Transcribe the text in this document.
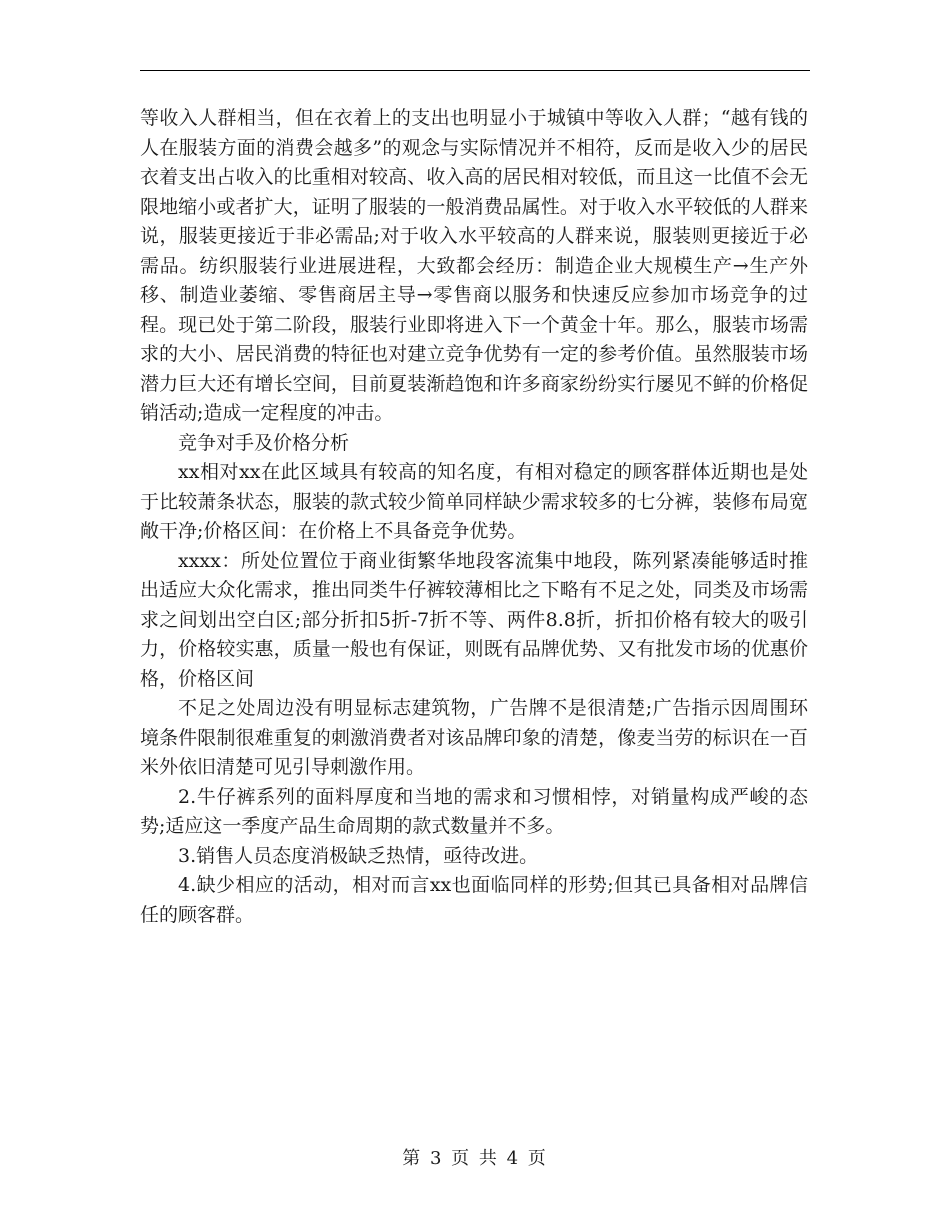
等收入人群相当，但在衣着上的支出也明显小于城镇中等收入人群；“越有钱的人在服装方面的消费会越多”的观念与实际情况并不相符，反而是收入少的居民衣着支出占收入的比重相对较高、收入高的居民相对较低，而且这一比值不会无限地缩小或者扩大，证明了服装的一般消费品属性。对于收入水平较低的人群来说，服装更接近于非必需品;对于收入水平较高的人群来说，服装则更接近于必需品。纺织服装行业进展进程，大致都会经历：制造企业大规模生产→生产外移、制造业萎缩、零售商居主导→零售商以服务和快速反应参加市场竞争的过程。现已处于第二阶段，服装行业即将进入下一个黄金十年。那么，服装市场需求的大小、居民消费的特征也对建立竞争优势有一定的参考价值。虽然服装市场潜力巨大还有增长空间，目前夏装渐趋饱和许多商家纷纷实行屡见不鲜的价格促销活动;造成一定程度的冲击。

竞争对手及价格分析

xx相对xx在此区域具有较高的知名度，有相对稳定的顾客群体近期也是处于比较萧条状态，服装的款式较少简单同样缺少需求较多的七分裤，装修布局宽敞干净;价格区间：在价格上不具备竞争优势。

xxxx：所处位置位于商业街繁华地段客流集中地段，陈列紧凑能够适时推出适应大众化需求，推出同类牛仔裤较薄相比之下略有不足之处，同类及市场需求之间划出空白区;部分折扣5折-7折不等、两件8.8折，折扣价格有较大的吸引力，价格较实惠，质量一般也有保证，则既有品牌优势、又有批发市场的优惠价格，价格区间

不足之处周边没有明显标志建筑物，广告牌不是很清楚;广告指示因周围环境条件限制很难重复的刺激消费者对该品牌印象的清楚，像麦当劳的标识在一百米外依旧清楚可见引导刺激作用。

2.牛仔裤系列的面料厚度和当地的需求和习惯相悖，对销量构成严峻的态势;适应这一季度产品生命周期的款式数量并不多。

3.销售人员态度消极缺乏热情，亟待改进。

4.缺少相应的活动，相对而言xx也面临同样的形势;但其已具备相对品牌信任的顾客群。

第 3 页 共 4 页
